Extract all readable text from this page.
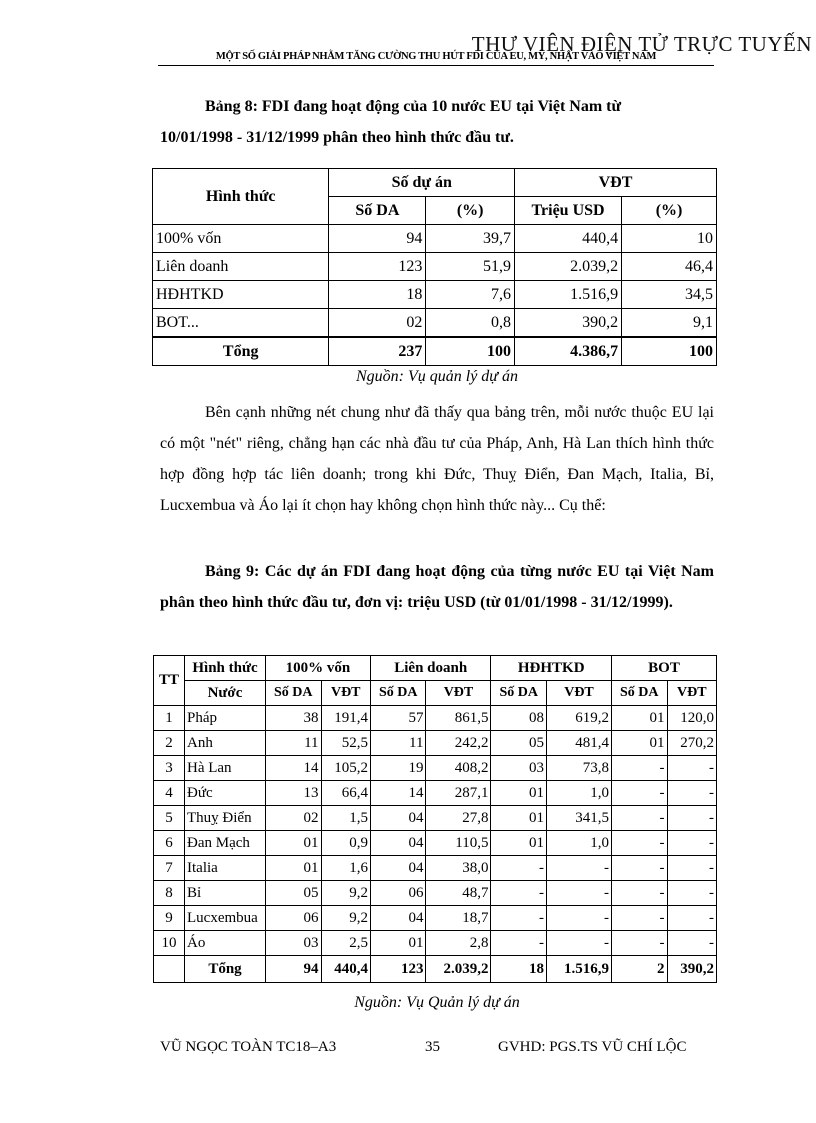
THƯ VIỆN ĐIỆN TỬ TRỰC TUYẾN
MỘT SỐ GIẢI PHÁP NHẰM TĂNG CƯỜNG THU HÚT FDI CỦA EU, MỸ, NHẬT VÀO VIỆT NAM
Bảng 8: FDI đang hoạt động của 10 nước EU tại Việt Nam từ
10/01/1998 - 31/12/1999 phân theo hình thức đầu tư.
Hình thức	Số dự án		VĐT	
	Số DA	(%)	Triệu USD	(%)
100% vốn	94	39,7	440,4	10
Liên doanh	123	51,9	2.039,2	46,4
HĐHTKD	18	7,6	1.516,9	34,5
BOT...	02	0,8	390,2	9,1
Tổng	237	100	4.386,7	100
Nguồn: Vụ quản lý dự án
Bên cạnh những nét chung như đã thấy qua bảng trên, mỗi nước thuộc EU lại có một "nét" riêng, chẳng hạn các nhà đầu tư của Pháp, Anh, Hà Lan thích hình thức hợp đồng hợp tác liên doanh; trong khi Đức, Thuỵ Điển, Đan Mạch, Italia, Bỉ, Lucxembua và Áo lại ít chọn hay không chọn hình thức này... Cụ thể:
Bảng 9: Các dự án FDI đang hoạt động của từng nước EU tại Việt Nam phân theo hình thức đầu tư, đơn vị: triệu USD (từ 01/01/1998 - 31/12/1999).
TT	Hình thức	100% vốn		Liên doanh		HĐHTKD		BOT	
	Nước	Số DA	VĐT	Số DA	VĐT	Số DA	VĐT	Số DA	VĐT
1	Pháp	38	191,4	57	861,5	08	619,2	01	120,0
2	Anh	11	52,5	11	242,2	05	481,4	01	270,2
3	Hà Lan	14	105,2	19	408,2	03	73,8	-	-
4	Đức	13	66,4	14	287,1	01	1,0	-	-
5	Thuỵ Điển	02	1,5	04	27,8	01	341,5	-	-
6	Đan Mạch	01	0,9	04	110,5	01	1,0	-	-
7	Italia	01	1,6	04	38,0	-	-	-	-
8	Bỉ	05	9,2	06	48,7	-	-	-	-
9	Lucxembua	06	9,2	04	18,7	-	-	-	-
10	Áo	03	2,5	01	2,8	-	-	-	-
	Tổng	94	440,4	123	2.039,2	18	1.516,9	2	390,2
Nguồn: Vụ Quản lý dự án
VŨ NGỌC TOÀN TC18–A3	35	GVHD: PGS.TS VŨ CHÍ LỘC
